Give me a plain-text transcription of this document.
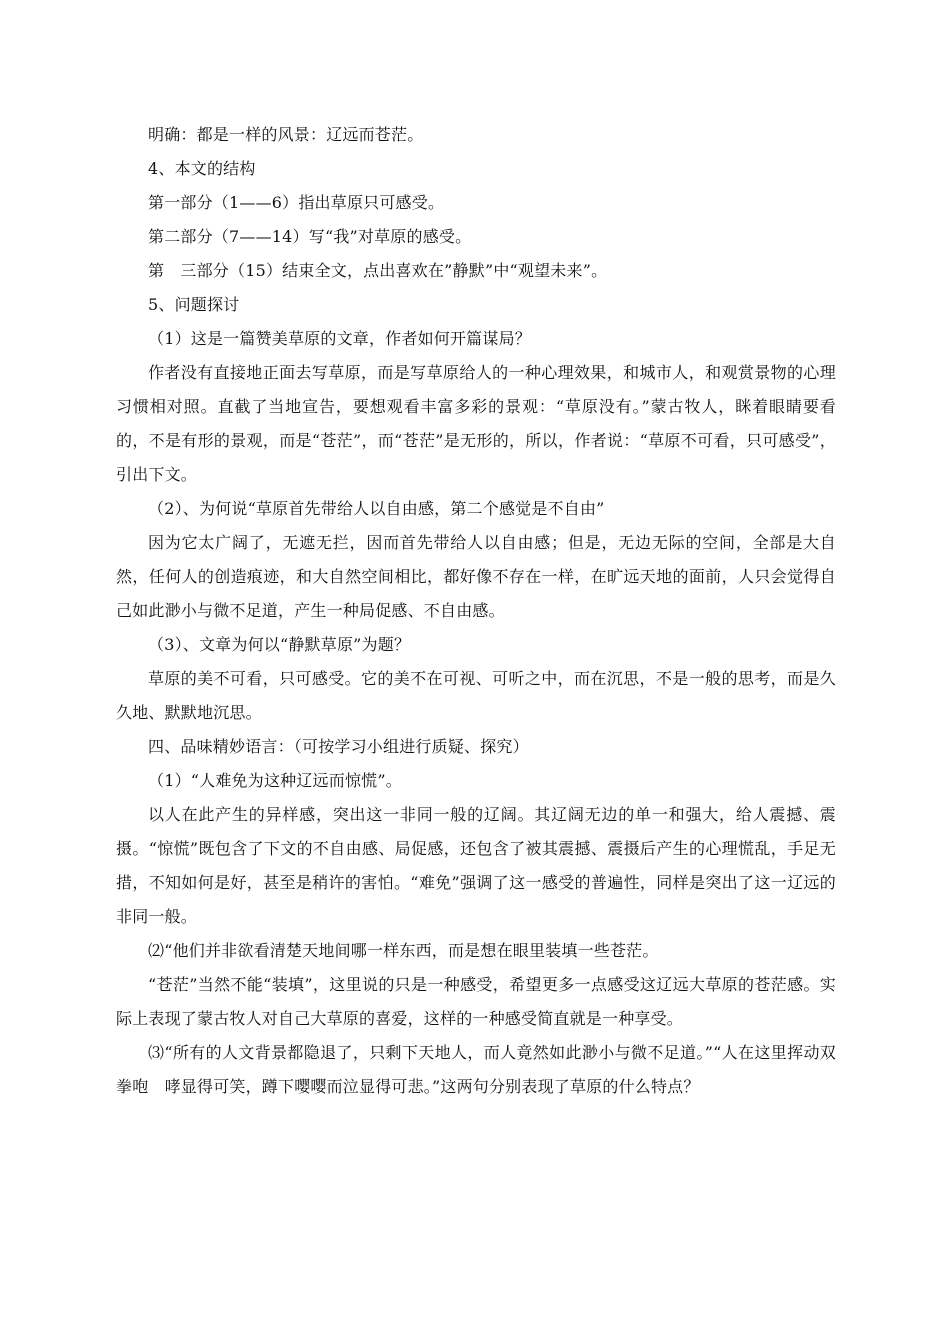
明确：都是一样的风景：辽远而苍茫。

4、本文的结构

第一部分（1——6）指出草原只可感受。

第二部分（7——14）写“我”对草原的感受。

第　三部分（15）结束全文，点出喜欢在”静默”中“观望未来”。

5、问题探讨

（1）这是一篇赞美草原的文章，作者如何开篇谋局？

作者没有直接地正面去写草原，而是写草原给人的一种心理效果，和城市人，和观赏景物的心理习惯相对照。直截了当地宣告，要想观看丰富多彩的景观：“草原没有。”蒙古牧人，眯着眼睛要看的，不是有形的景观，而是“苍茫”，而“苍茫”是无形的，所以，作者说：“草原不可看，只可感受”，引出下文。

（2）、为何说“草原首先带给人以自由感，第二个感觉是不自由”

因为它太广阔了，无遮无拦，因而首先带给人以自由感；但是，无边无际的空间，全部是大自然，任何人的创造痕迹，和大自然空间相比，都好像不存在一样，在旷远天地的面前，人只会觉得自己如此渺小与微不足道，产生一种局促感、不自由感。

（3）、文章为何以“静默草原”为题？

草原的美不可看，只可感受。它的美不在可视、可听之中，而在沉思，不是一般的思考，而是久久地、默默地沉思。

四、品味精妙语言：（可按学习小组进行质疑、探究）

（1）“人难免为这种辽远而惊慌”。

以人在此产生的异样感，突出这一非同一般的辽阔。其辽阔无边的单一和强大，给人震撼、震摄。“惊慌”既包含了下文的不自由感、局促感，还包含了被其震撼、震摄后产生的心理慌乱，手足无措，不知如何是好，甚至是稍许的害怕。“难免”强调了这一感受的普遍性，同样是突出了这一辽远的非同一般。

⑵“他们并非欲看清楚天地间哪一样东西，而是想在眼里装填一些苍茫。

“苍茫”当然不能“装填”，这里说的只是一种感受，希望更多一点感受这辽远大草原的苍茫感。实际上表现了蒙古牧人对自己大草原的喜爱，这样的一种感受简直就是一种享受。

⑶“所有的人文背景都隐退了，只剩下天地人，而人竟然如此渺小与微不足道。”“人在这里挥动双拳咆　哮显得可笑，蹲下嘤嘤而泣显得可悲。”这两句分别表现了草原的什么特点？
